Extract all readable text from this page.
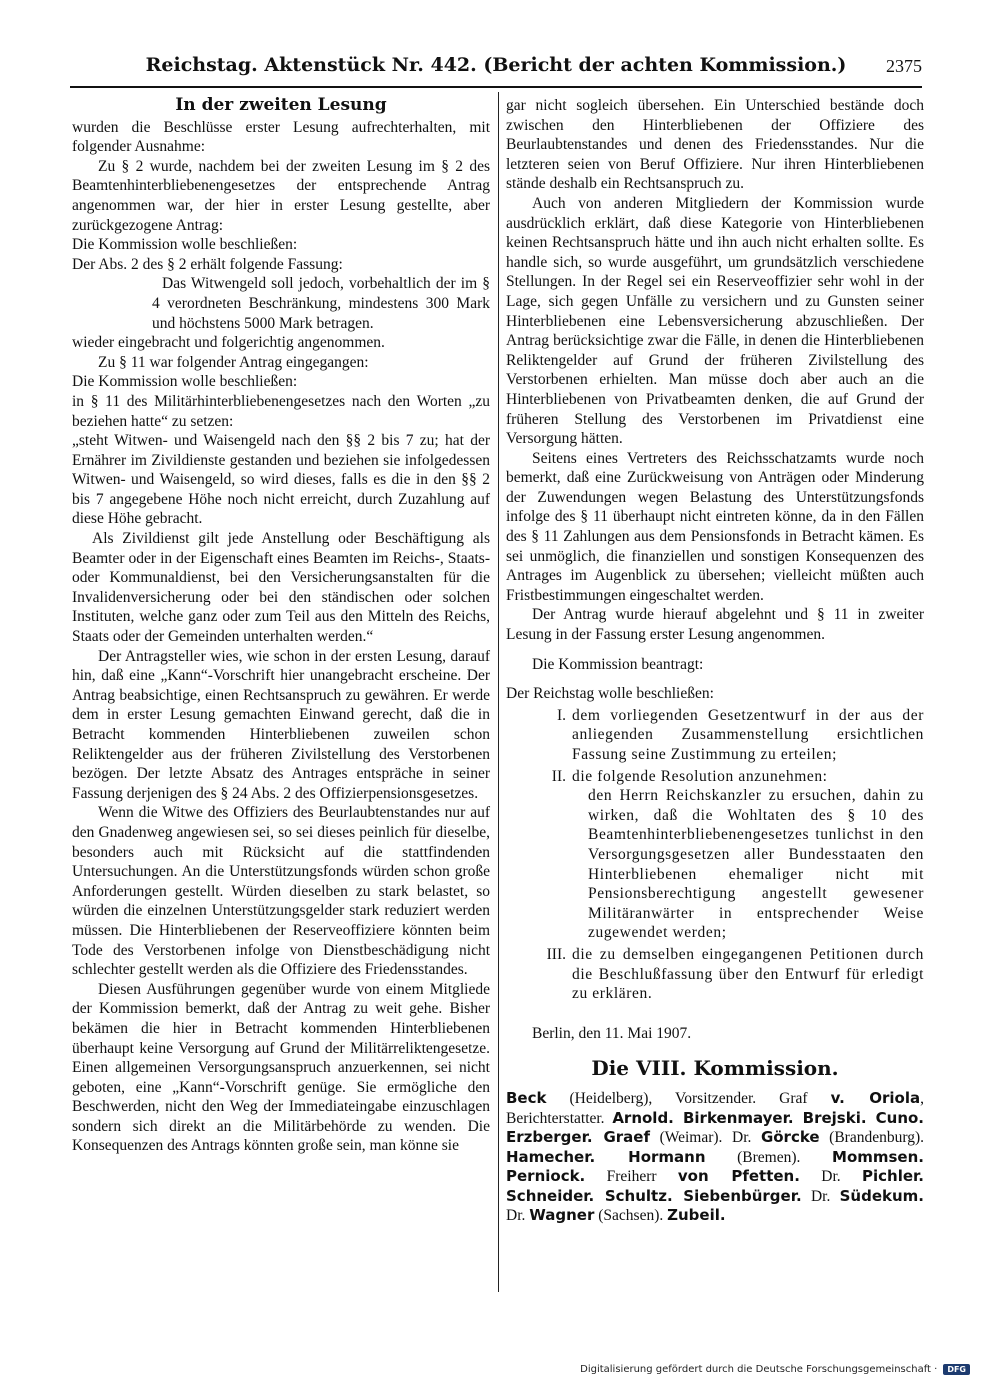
Reichstag. Aktenstück Nr. 442. (Bericht der achten Kommission.)	2375
In der zweiten Lesung

wurden die Beschlüsse erster Lesung aufrechterhalten, mit folgender Ausnahme:

Zu § 2 wurde, nachdem bei der zweiten Lesung im § 2 des Beamtenhinterbliebenengesetzes der entsprechende Antrag angenommen war, der hier in erster Lesung gestellte, aber zurückgezogene Antrag:

Die Kommission wolle beschließen:

Der Abs. 2 des § 2 erhält folgende Fassung:

Das Witwengeld soll jedoch, vorbehaltlich der im § 4 verordneten Beschränkung, mindestens 300 Mark und höchstens 5000 Mark betragen.

wieder eingebracht und folgerichtig angenommen.

Zu § 11 war folgender Antrag eingegangen:

Die Kommission wolle beschließen:

in § 11 des Militärhinterbliebenengesetzes nach den Worten „zu beziehen hatte“ zu setzen:

„steht Witwen- und Waisengeld nach den §§ 2 bis 7 zu; hat der Ernährer im Zivildienste gestanden und beziehen sie infolgedessen Witwen- und Waisengeld, so wird dieses, falls es die in den §§ 2 bis 7 angegebene Höhe noch nicht erreicht, durch Zuzahlung auf diese Höhe gebracht.

Als Zivildienst gilt jede Anstellung oder Beschäftigung als Beamter oder in der Eigenschaft eines Beamten im Reichs-, Staats- oder Kommunaldienst, bei den Versicherungsanstalten für die Invalidenversicherung oder bei den ständischen oder solchen Instituten, welche ganz oder zum Teil aus den Mitteln des Reichs, Staats oder der Gemeinden unterhalten werden.“

Der Antragsteller wies, wie schon in der ersten Lesung, darauf hin, daß eine „Kann“-Vorschrift hier unangebracht erscheine. Der Antrag beabsichtige, einen Rechtsanspruch zu gewähren. Er werde dem in erster Lesung gemachten Einwand gerecht, daß die in Betracht kommenden Hinterbliebenen zuweilen schon Reliktengelder aus der früheren Zivilstellung des Verstorbenen bezögen. Der letzte Absatz des Antrages entspräche in seiner Fassung derjenigen des § 24 Abs. 2 des Offizierpensionsgesetzes.

Wenn die Witwe des Offiziers des Beurlaubtenstandes nur auf den Gnadenweg angewiesen sei, so sei dieses peinlich für dieselbe, besonders auch mit Rücksicht auf die stattfindenden Untersuchungen. An die Unterstützungsfonds würden schon große Anforderungen gestellt. Würden dieselben zu stark belastet, so würden die einzelnen Unterstützungsgelder stark reduziert werden müssen. Die Hinterbliebenen der Reserveoffiziere könnten beim Tode des Verstorbenen infolge von Dienstbeschädigung nicht schlechter gestellt werden als die Offiziere des Friedensstandes.

Diesen Ausführungen gegenüber wurde von einem Mitgliede der Kommission bemerkt, daß der Antrag zu weit gehe. Bisher bekämen die hier in Betracht kommenden Hinterbliebenen überhaupt keine Versorgung auf Grund der Militärreliktengesetze. Einen allgemeinen Versorgungsanspruch anzuerkennen, sei nicht geboten, eine „Kann“-Vorschrift genüge. Sie ermögliche den Beschwerden, nicht den Weg der Immediateingabe einzuschlagen sondern sich direkt an die Militärbehörde zu wenden. Die Konsequenzen des Antrags könnten große sein, man könne sie

gar nicht sogleich übersehen. Ein Unterschied bestände doch zwischen den Hinterbliebenen der Offiziere des Beurlaubtenstandes und denen des Friedensstandes. Nur die letzteren seien von Beruf Offiziere. Nur ihren Hinterbliebenen stände deshalb ein Rechtsanspruch zu.

Auch von anderen Mitgliedern der Kommission wurde ausdrücklich erklärt, daß diese Kategorie von Hinterbliebenen keinen Rechtsanspruch hätte und ihn auch nicht erhalten sollte. Es handle sich, so wurde ausgeführt, um grundsätzlich verschiedene Stellungen. In der Regel sei ein Reserveoffizier sehr wohl in der Lage, sich gegen Unfälle zu versichern und zu Gunsten seiner Hinterbliebenen eine Lebensversicherung abzuschließen. Der Antrag berücksichtige zwar die Fälle, in denen die Hinterbliebenen Reliktengelder auf Grund der früheren Zivilstellung des Verstorbenen erhielten. Man müsse doch aber auch an die Hinterbliebenen von Privatbeamten denken, die auf Grund der früheren Stellung des Verstorbenen im Privatdienst eine Versorgung hätten.

Seitens eines Vertreters des Reichsschatzamts wurde noch bemerkt, daß eine Zurückweisung von Anträgen oder Minderung der Zuwendungen wegen Belastung des Unterstützungsfonds infolge des § 11 überhaupt nicht eintreten könne, da in den Fällen des § 11 Zahlungen aus dem Pensionsfonds in Betracht kämen. Es sei unmöglich, die finanziellen und sonstigen Konsequenzen des Antrages im Augenblick zu übersehen; vielleicht müßten auch Fristbestimmungen eingeschaltet werden.

Der Antrag wurde hierauf abgelehnt und § 11 in zweiter Lesung in der Fassung erster Lesung angenommen.

Die Kommission beantragt:

Der Reichstag wolle beschließen:

I. dem vorliegenden Gesetzentwurf in der aus der anliegenden Zusammenstellung ersichtlichen Fassung seine Zustimmung zu erteilen;
II. die folgende Resolution anzunehmen:
den Herrn Reichskanzler zu ersuchen, dahin zu wirken, daß die Wohltaten des § 10 des Beamtenhinterbliebenengesetzes tunlichst in den Versorgungsgesetzen aller Bundesstaaten den Hinterbliebenen ehemaliger nicht mit Pensionsberechtigung angestellt gewesener Militäranwärter in entsprechender Weise zugewendet werden;
III. die zu demselben eingegangenen Petitionen durch die Beschlußfassung über den Entwurf für erledigt zu erklären.

Berlin, den 11. Mai 1907.

Die VIII. Kommission.

Beck (Heidelberg), Vorsitzender. Graf v. Oriola, Berichterstatter. Arnold. Birkenmayer. Brejski. Cuno. Erzberger. Graef (Weimar). Dr. Görcke (Brandenburg). Hamecher. Hormann (Bremen). Mommsen. Perniock. Freiherr von Pfetten. Dr. Pichler. Schneider. Schultz. Siebenbürger. Dr. Südekum. Dr. Wagner (Sachsen). Zubeil.

Digitalisierung gefördert durch die Deutsche Forschungsgemeinschaft ·	DFG
